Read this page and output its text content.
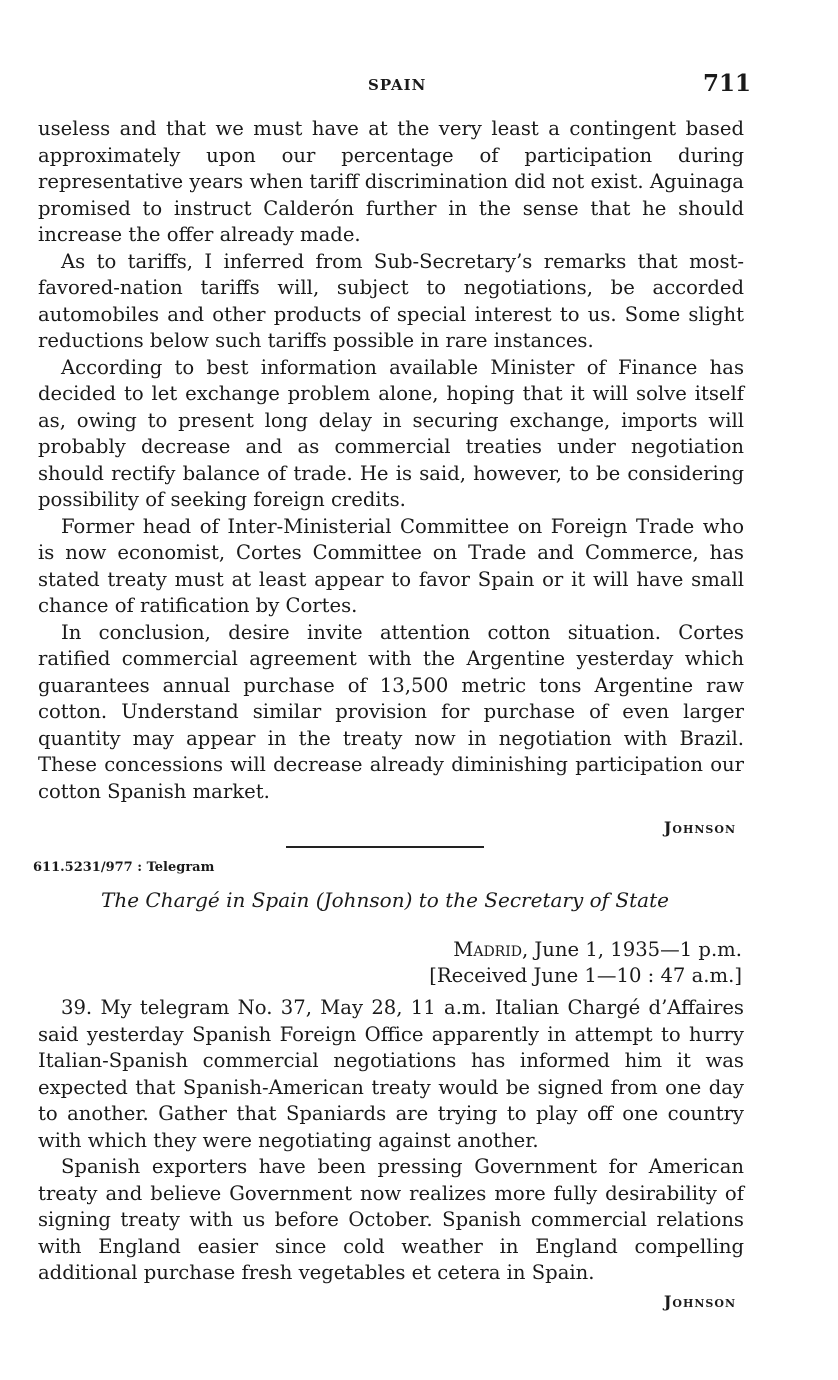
SPAIN	711

useless and that we must have at the very least a contingent based approximately upon our percentage of participation during representative years when tariff discrimination did not exist. Aguinaga promised to instruct Calderón further in the sense that he should increase the offer already made.

As to tariffs, I inferred from Sub-Secretary’s remarks that most-favored-nation tariffs will, subject to negotiations, be accorded automobiles and other products of special interest to us. Some slight reductions below such tariffs possible in rare instances.

According to best information available Minister of Finance has decided to let exchange problem alone, hoping that it will solve itself as, owing to present long delay in securing exchange, imports will probably decrease and as commercial treaties under negotiation should rectify balance of trade. He is said, however, to be considering possibility of seeking foreign credits.

Former head of Inter-Ministerial Committee on Foreign Trade who is now economist, Cortes Committee on Trade and Commerce, has stated treaty must at least appear to favor Spain or it will have small chance of ratification by Cortes.

In conclusion, desire invite attention cotton situation. Cortes ratified commercial agreement with the Argentine yesterday which guarantees annual purchase of 13,500 metric tons Argentine raw cotton. Understand similar provision for purchase of even larger quantity may appear in the treaty now in negotiation with Brazil. These concessions will decrease already diminishing participation our cotton Spanish market.

Johnson
611.5231/977 : Telegram
The Chargé in Spain (Johnson) to the Secretary of State
Madrid, June 1, 1935—1 p.m.
[Received June 1—10 : 47 a.m.]

39. My telegram No. 37, May 28, 11 a.m. Italian Chargé d’Affaires said yesterday Spanish Foreign Office apparently in attempt to hurry Italian-Spanish commercial negotiations has informed him it was expected that Spanish-American treaty would be signed from one day to another. Gather that Spaniards are trying to play off one country with which they were negotiating against another.

Spanish exporters have been pressing Government for American treaty and believe Government now realizes more fully desirability of signing treaty with us before October. Spanish commercial relations with England easier since cold weather in England compelling additional purchase fresh vegetables et cetera in Spain.

Johnson
